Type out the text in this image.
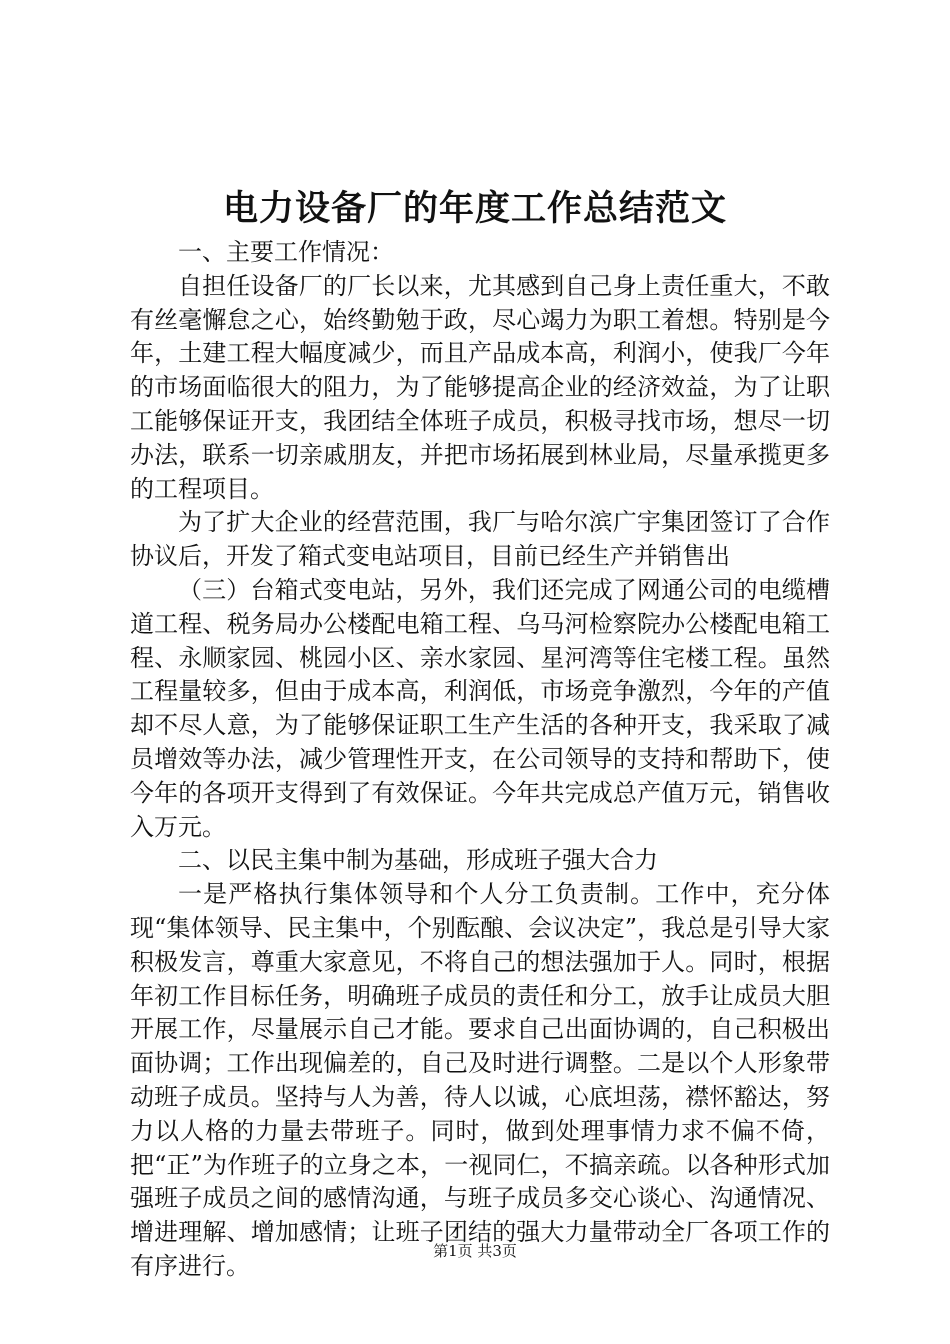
电力设备厂的年度工作总结范文

一、主要工作情况：

自担任设备厂的厂长以来，尤其感到自己身上责任重大，不敢有丝毫懈怠之心，始终勤勉于政，尽心竭力为职工着想。特别是今年，土建工程大幅度减少，而且产品成本高，利润小，使我厂今年的市场面临很大的阻力，为了能够提高企业的经济效益，为了让职工能够保证开支，我团结全体班子成员，积极寻找市场，想尽一切办法，联系一切亲戚朋友，并把市场拓展到林业局，尽量承揽更多的工程项目。

为了扩大企业的经营范围，我厂与哈尔滨广宇集团签订了合作协议后，开发了箱式变电站项目，目前已经生产并销售出

（三）台箱式变电站，另外，我们还完成了网通公司的电缆槽道工程、税务局办公楼配电箱工程、乌马河检察院办公楼配电箱工程、永顺家园、桃园小区、亲水家园、星河湾等住宅楼工程。虽然工程量较多，但由于成本高，利润低，市场竞争激烈，今年的产值却不尽人意，为了能够保证职工生产生活的各种开支，我采取了减员增效等办法，减少管理性开支，在公司领导的支持和帮助下，使今年的各项开支得到了有效保证。今年共完成总产值万元，销售收入万元。

二、以民主集中制为基础，形成班子强大合力

一是严格执行集体领导和个人分工负责制。工作中，充分体现“集体领导、民主集中，个别酝酿、会议决定”，我总是引导大家积极发言，尊重大家意见，不将自己的想法强加于人。同时，根据年初工作目标任务，明确班子成员的责任和分工，放手让成员大胆开展工作，尽量展示自己才能。要求自己出面协调的，自己积极出面协调；工作出现偏差的，自己及时进行调整。二是以个人形象带动班子成员。坚持与人为善，待人以诚，心底坦荡，襟怀豁达，努力以人格的力量去带班子。同时，做到处理事情力求不偏不倚，把“正”为作班子的立身之本，一视同仁，不搞亲疏。以各种形式加强班子成员之间的感情沟通，与班子成员多交心谈心、沟通情况、增进理解、增加感情；让班子团结的强大力量带动全厂各项工作的有序进行。

第1页 共3页
